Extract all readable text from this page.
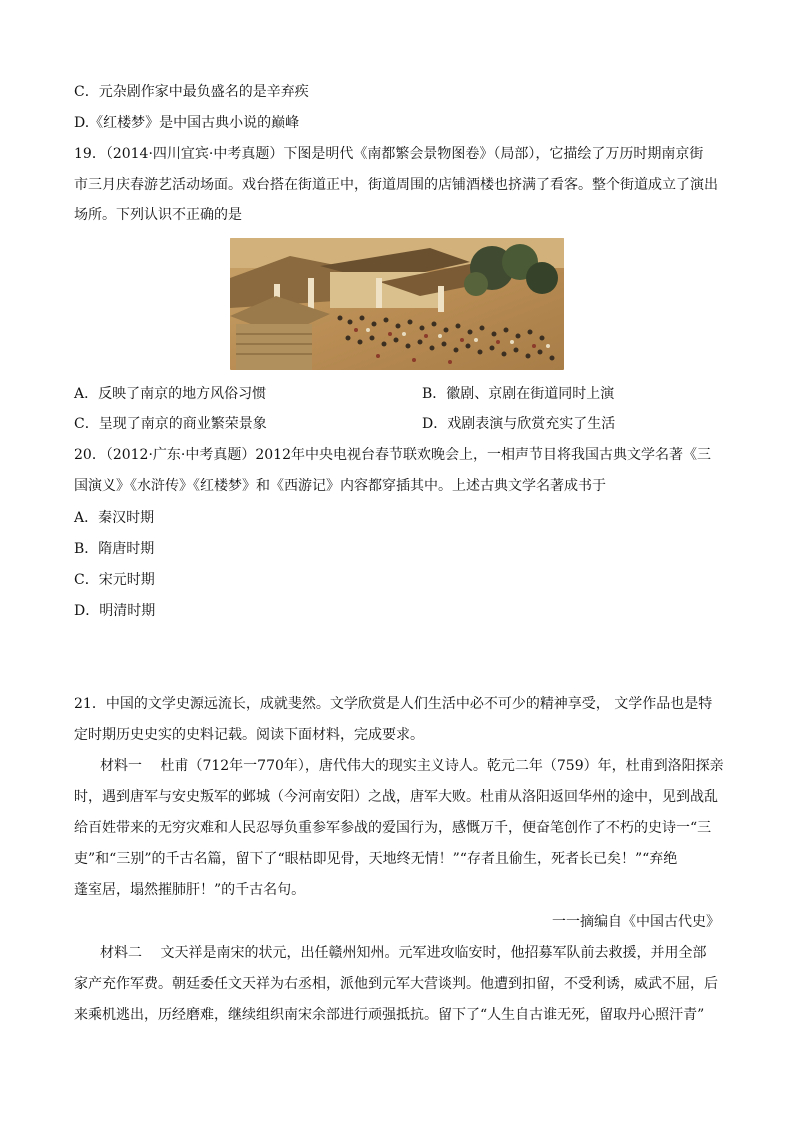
C．元杂剧作家中最负盛名的是辛弃疾
D.《红楼梦》是中国古典小说的巅峰
19．（2014·四川宜宾·中考真题）下图是明代《南都繁会景物图卷》（局部），它描绘了万历时期南京街
市三月庆春游艺活动场面。戏台搭在街道正中，街道周围的店铺酒楼也挤满了看客。整个街道成立了演出
场所。下列认识不正确的是
A．反映了南京的地方风俗习惯	B．徽剧、京剧在街道同时上演
C．呈现了南京的商业繁荣景象	D．戏剧表演与欣赏充实了生活
20．（2012·广东·中考真题）2012年中央电视台春节联欢晚会上，一相声节目将我国古典文学名著《三
国演义》《水浒传》《红楼梦》和《西游记》内容都穿插其中。上述古典文学名著成书于
A．秦汉时期
B．隋唐时期
C．宋元时期
D．明清时期
21．中国的文学史源远流长，成就斐然。文学欣赏是人们生活中必不可少的精神享受， 文学作品也是特
定时期历史史实的史料记载。阅读下面材料，完成要求。
材料一　 杜甫（712年一770年），唐代伟大的现实主义诗人。乾元二年（759）年，杜甫到洛阳探亲
时，遇到唐军与安史叛军的邺城（今河南安阳）之战，唐军大败。杜甫从洛阳返回华州的途中，见到战乱
给百姓带来的无穷灾难和人民忍辱负重参军参战的爱国行为，感慨万千，便奋笔创作了不朽的史诗一“三
吏”和“三别”的千古名篇，留下了“眼枯即见骨，天地终无情！”“存者且偷生，死者长已矣！”“弃绝
蓬室居，塌然摧肺肝！”的千古名句。
一一摘编自《中国古代史》
材料二　 文天祥是南宋的状元，出任赣州知州。元军进攻临安时，他招募军队前去救援，并用全部
家产充作军费。朝廷委任文天祥为右丞相，派他到元军大营谈判。他遭到扣留，不受利诱，威武不屈，后
来乘机逃出，历经磨难，继续组织南宋余部进行顽强抵抗。留下了“人生自古谁无死，留取丹心照汗青”
